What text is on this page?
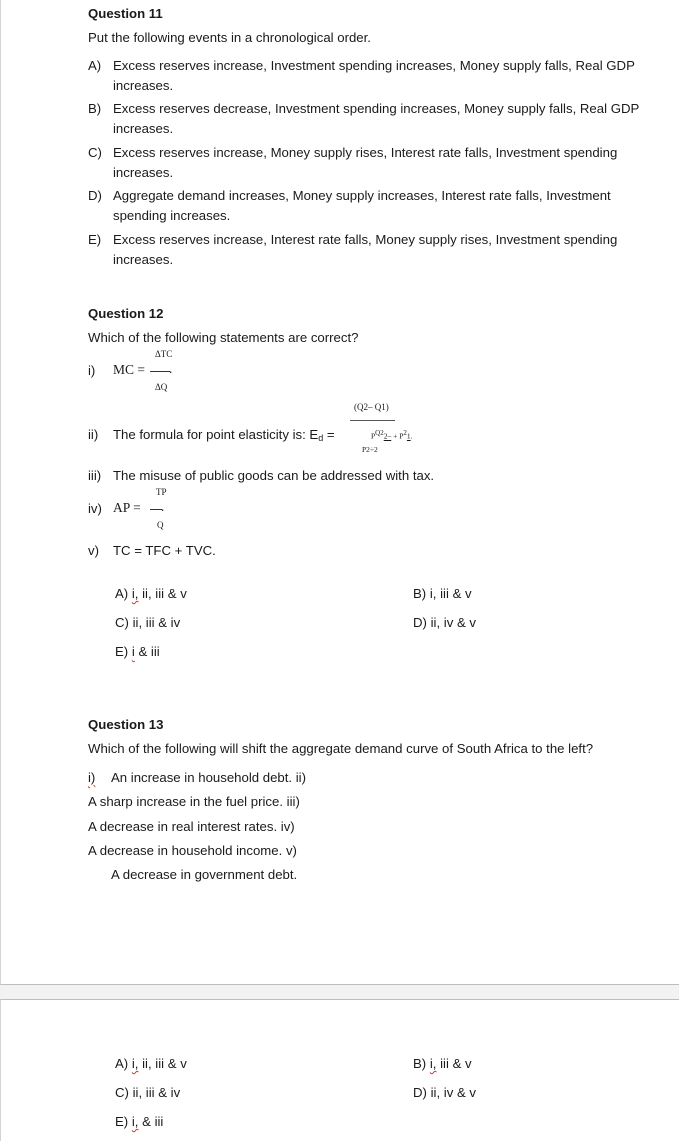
Question 11
Put the following events in a chronological order.
A) Excess reserves increase, Investment spending increases, Money supply falls, Real GDP
increases.
B) Excess reserves decrease, Investment spending increases, Money supply falls, Real GDP
increases.
C) Excess reserves increase, Money supply rises, Interest rate falls, Investment spending
increases.
D) Aggregate demand increases, Money supply increases, Interest rate falls, Investment
spending increases.
E) Excess reserves increase, Interest rate falls, Money supply rises, Investment spending
increases.
Question 12
Which of the following statements are correct?
i)
ΔTC
MC = .
ΔQ
(Q2– Q1)
ii) The formula for point elasticity is: Ed =	$P^{Q2}2- + P^21$.
P2÷2
iii) The misuse of public goods can be addressed with tax.
TP
iv) AP = .
Q
v) TC = TFC + TVC.
A) i, ii, iii & v	B) i, iii & v
C) ii, iii & iv	D) ii, iv & v
E) i & iii
Question 13
Which of the following will shift the aggregate demand curve of South Africa to the left?
i) An increase in household debt. ii)
A sharp increase in the fuel price. iii)
A decrease in real interest rates. iv)
A decrease in household income. v)
A decrease in government debt.
A) i, ii, iii & v	B) i, iii & v
C) ii, iii & iv	D) ii, iv & v
E) i, & iii
